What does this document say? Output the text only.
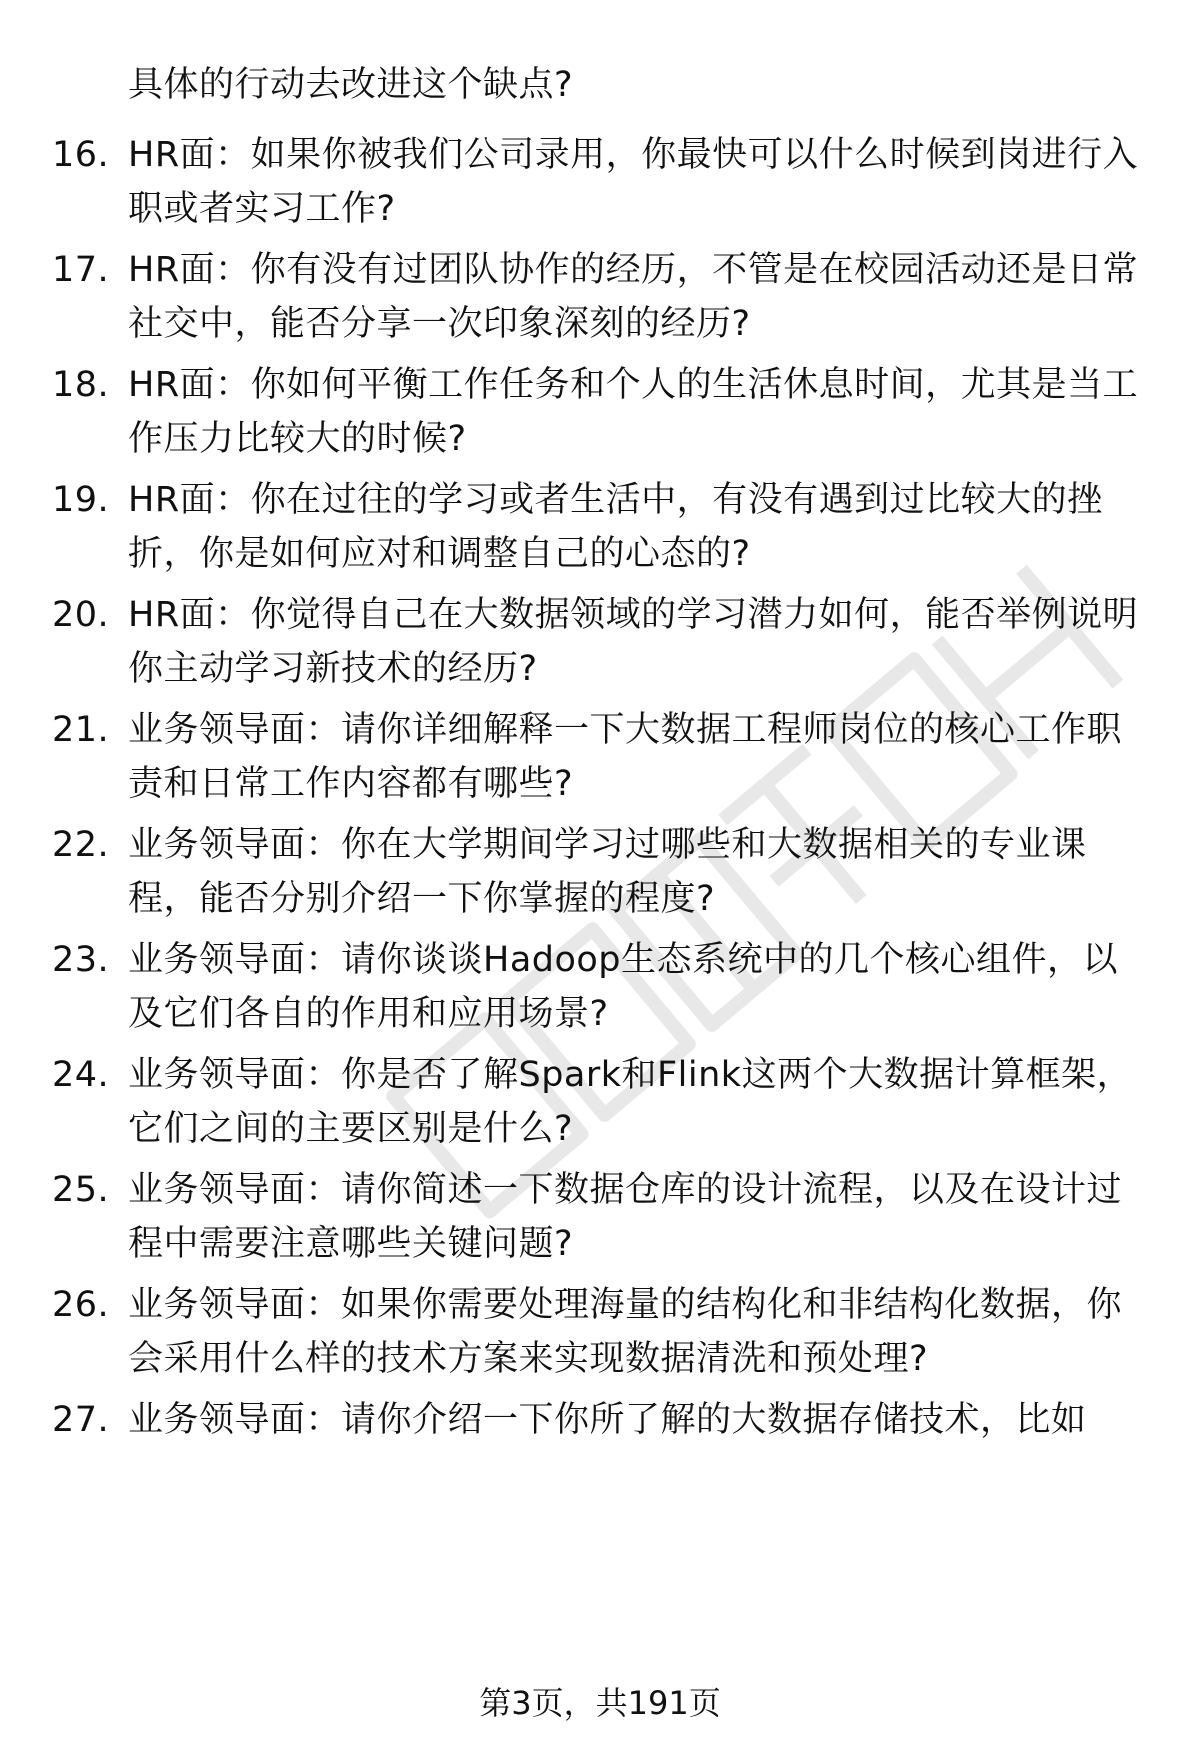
具体的行动去改进这个缺点?
16. HR面：如果你被我们公司录用，你最快可以什么时候到岗进行入职或者实习工作?
17. HR面：你有没有过团队协作的经历，不管是在校园活动还是日常社交中，能否分享一次印象深刻的经历?
18. HR面：你如何平衡工作任务和个人的生活休息时间，尤其是当工作压力比较大的时候?
19. HR面：你在过往的学习或者生活中，有没有遇到过比较大的挫折，你是如何应对和调整自己的心态的?
20. HR面：你觉得自己在大数据领域的学习潜力如何，能否举例说明你主动学习新技术的经历?
21. 业务领导面：请你详细解释一下大数据工程师岗位的核心工作职责和日常工作内容都有哪些?
22. 业务领导面：你在大学期间学习过哪些和大数据相关的专业课程，能否分别介绍一下你掌握的程度?
23. 业务领导面：请你谈谈Hadoop生态系统中的几个核心组件，以及它们各自的作用和应用场景?
24. 业务领导面：你是否了解Spark和Flink这两个大数据计算框架，它们之间的主要区别是什么?
25. 业务领导面：请你简述一下数据仓库的设计流程，以及在设计过程中需要注意哪些关键问题?
26. 业务领导面：如果你需要处理海量的结构化和非结构化数据，你会采用什么样的技术方案来实现数据清洗和预处理?
27. 业务领导面：请你介绍一下你所了解的大数据存储技术，比如
第3页，共191页
